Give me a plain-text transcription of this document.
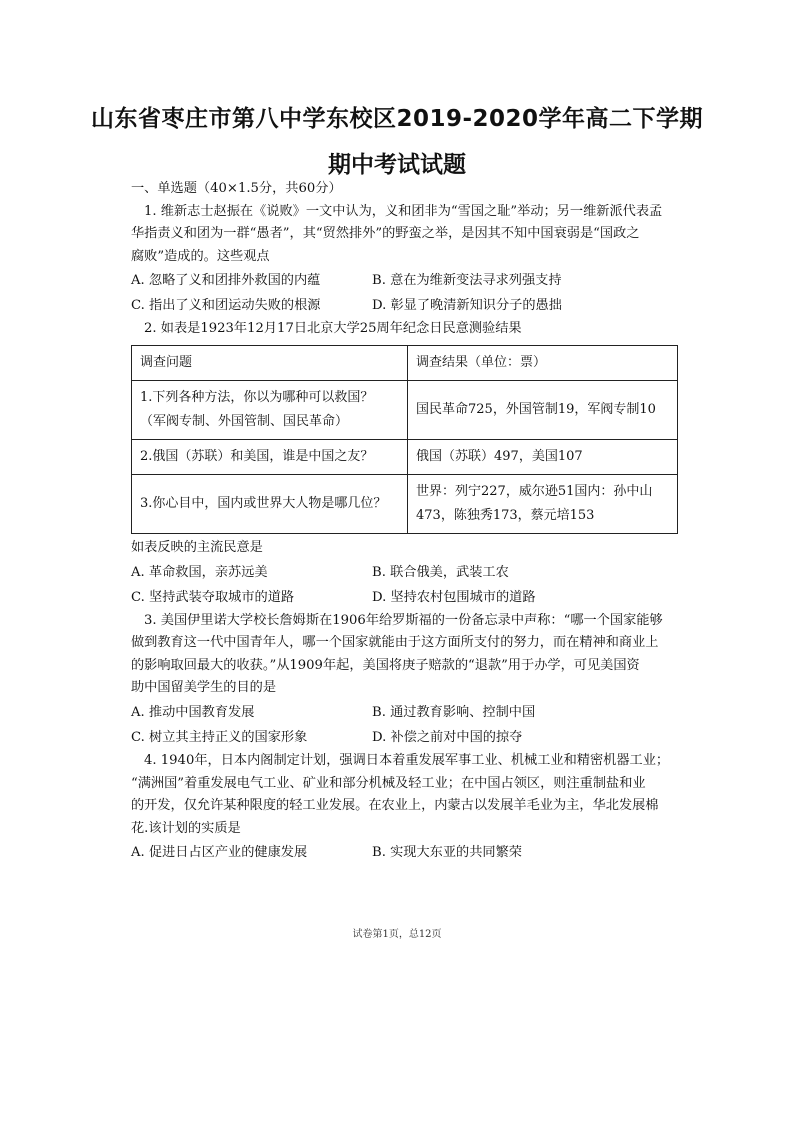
山东省枣庄市第八中学东校区2019-2020学年高二下学期
期中考试试题
一、单选题（40×1.5分，共60分）
1. 维新志士赵振在《说败》一文中认为，义和团非为“雪国之耻”举动；另一维新派代表孟
华指责义和团为一群“愚者”，其“贸然排外”的野蛮之举，是因其不知中国衰弱是“国政之
腐败”造成的。这些观点
A. 忽略了义和团排外救国的内蕴	B. 意在为维新变法寻求列强支持
C. 指出了义和团运动失败的根源	D. 彰显了晚清新知识分子的愚拙
2. 如表是1923年12月17日北京大学25周年纪念日民意测验结果
调查问题	调查结果（单位：票）
1.下列各种方法，你以为哪种可以救国？（军阀专制、外国管制、国民革命）	国民革命725，外国管制19，军阀专制10
2.俄国（苏联）和美国，谁是中国之友？	俄国（苏联）497，美国107
3.你心目中，国内或世界大人物是哪几位？	世界：列宁227，威尔逊51国内：孙中山473，陈独秀173，蔡元培153
如表反映的主流民意是
A. 革命救国，亲苏远美	B. 联合俄美，武装工农
C. 坚持武装夺取城市的道路	D. 坚持农村包围城市的道路
3. 美国伊里诺大学校长詹姆斯在1906年给罗斯福的一份备忘录中声称：“哪一个国家能够
做到教育这一代中国青年人，哪一个国家就能由于这方面所支付的努力，而在精神和商业上
的影响取回最大的收获。”从1909年起，美国将庚子赔款的“退款”用于办学，可见美国资
助中国留美学生的目的是
A. 推动中国教育发展	B. 通过教育影响、控制中国
C. 树立其主持正义的国家形象	D. 补偿之前对中国的掠夺
4. 1940年，日本内阁制定计划，强调日本着重发展军事工业、机械工业和精密机器工业；
“满洲国”着重发展电气工业、矿业和部分机械及轻工业；在中国占领区，则注重制盐和业
的开发，仅允许某种限度的轻工业发展。在农业上，内蒙古以发展羊毛业为主，华北发展棉
花.该计划的实质是
A. 促进日占区产业的健康发展	B. 实现大东亚的共同繁荣
试卷第1页，总12页
